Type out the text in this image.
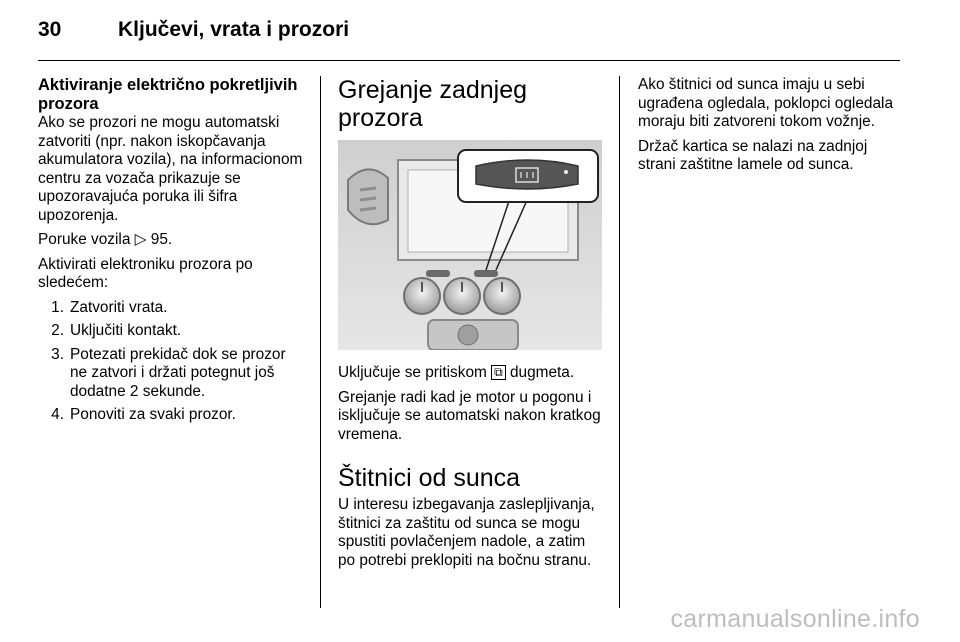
30	Ključevi, vrata i prozori
Aktiviranje električno pokretljivih prozora

Ako se prozori ne mogu automatski zatvoriti (npr. nakon iskopčavanja akumulatora vozila), na informacionom centru za vozača prikazuje se upozoravajuća poruka ili šifra upozorenja.

Poruke vozila ▷ 95.

Aktivirati elektroniku prozora po sledećem:

1. Zatvoriti vrata.
2. Uključiti kontakt.
3. Potezati prekidač dok se prozor ne zatvori i držati potegnut još dodatne 2 sekunde.
4. Ponoviti za svaki prozor.
Grejanje zadnjeg prozora

Uključuje se pritiskom ⧉ dugmeta.

Grejanje radi kad je motor u pogonu i isključuje se automatski nakon kratkog vremena.

Štitnici od sunca

U interesu izbegavanja zaslepljivanja, štitnici za zaštitu od sunca se mogu spustiti povlačenjem nadole, a zatim po potrebi preklopiti na bočnu stranu.

Ako štitnici od sunca imaju u sebi ugrađena ogledala, poklopci ogledala moraju biti zatvoreni tokom vožnje.

Držač kartica se nalazi na zadnjoj strani zaštitne lamele od sunca.

carmanualsonline.info
